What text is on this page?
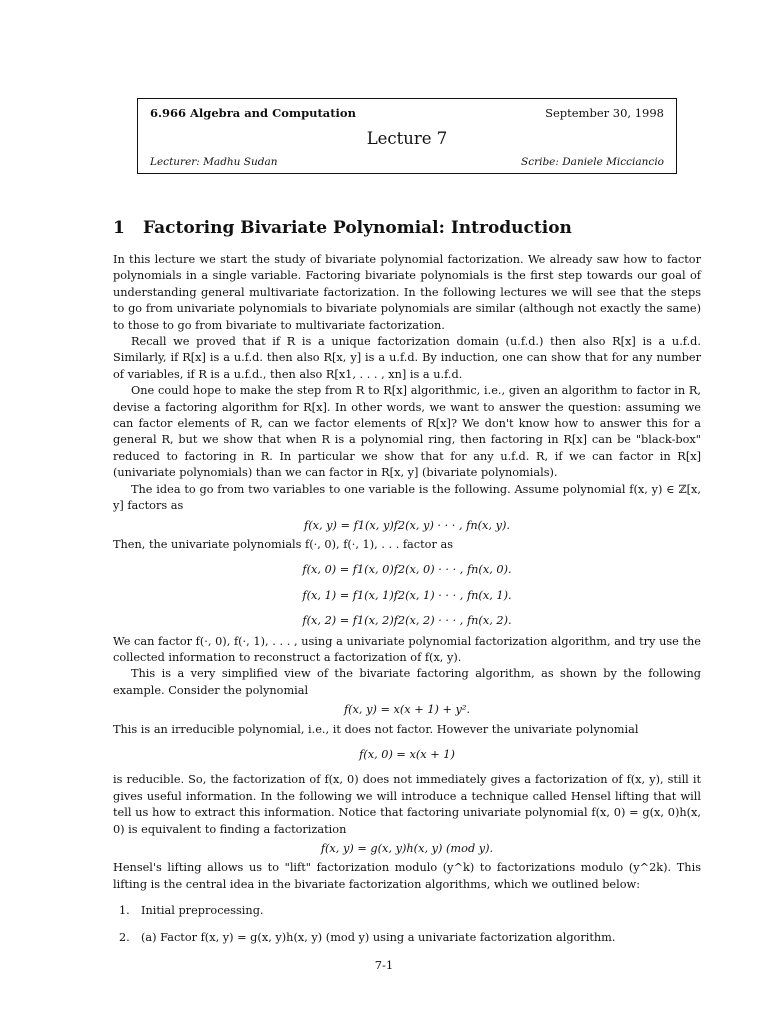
6.966 Algebra and Computation	September 30, 1998
Lecture 7
Lecturer: Madhu Sudan	Scribe: Daniele Micciancio
1 Factoring Bivariate Polynomial: Introduction

In this lecture we start the study of bivariate polynomial factorization. We already saw how to factor polynomials in a single variable. Factoring bivariate polynomials is the first step towards our goal of understanding general multivariate factorization. In the following lectures we will see that the steps to go from univariate polynomials to bivariate polynomials are similar (although not exactly the same) to those to go from bivariate to multivariate factorization.

Recall we proved that if R is a unique factorization domain (u.f.d.) then also R[x] is a u.f.d. Similarly, if R[x] is a u.f.d. then also R[x, y] is a u.f.d. By induction, one can show that for any number of variables, if R is a u.f.d., then also R[x1, . . . , xn] is a u.f.d.

One could hope to make the step from R to R[x] algorithmic, i.e., given an algorithm to factor in R, devise a factoring algorithm for R[x]. In other words, we want to answer the question: assuming we can factor elements of R, can we factor elements of R[x]? We don't know how to answer this for a general R, but we show that when R is a polynomial ring, then factoring in R[x] can be "black-box" reduced to factoring in R. In particular we show that for any u.f.d. R, if we can factor in R[x] (univariate polynomials) than we can factor in R[x, y] (bivariate polynomials).

The idea to go from two variables to one variable is the following. Assume polynomial f(x, y) ∈ ℤ[x, y] factors as

f(x, y) = f1(x, y)f2(x, y) · · · , fn(x, y).

Then, the univariate polynomials f(·, 0), f(·, 1), . . . factor as

f(x, 0) = f1(x, 0)f2(x, 0) · · · , fn(x, 0).
f(x, 1) = f1(x, 1)f2(x, 1) · · · , fn(x, 1).
f(x, 2) = f1(x, 2)f2(x, 2) · · · , fn(x, 2).

We can factor f(·, 0), f(·, 1), . . . , using a univariate polynomial factorization algorithm, and try use the collected information to reconstruct a factorization of f(x, y).

This is a very simplified view of the bivariate factoring algorithm, as shown by the following example. Consider the polynomial

f(x, y) = x(x + 1) + y².

This is an irreducible polynomial, i.e., it does not factor. However the univariate polynomial

f(x, 0) = x(x + 1)

is reducible. So, the factorization of f(x, 0) does not immediately gives a factorization of f(x, y), still it gives useful information. In the following we will introduce a technique called Hensel lifting that will tell us how to extract this information. Notice that factoring univariate polynomial f(x, 0) = g(x, 0)h(x, 0) is equivalent to finding a factorization

f(x, y) = g(x, y)h(x, y) (mod y).

Hensel's lifting allows us to "lift" factorization modulo (y^k) to factorizations modulo (y^2k). This lifting is the central idea in the bivariate factorization algorithms, which we outlined below:

1. Initial preprocessing.
2. (a) Factor f(x, y) = g(x, y)h(x, y) (mod y) using a univariate factorization algorithm.
7-1
